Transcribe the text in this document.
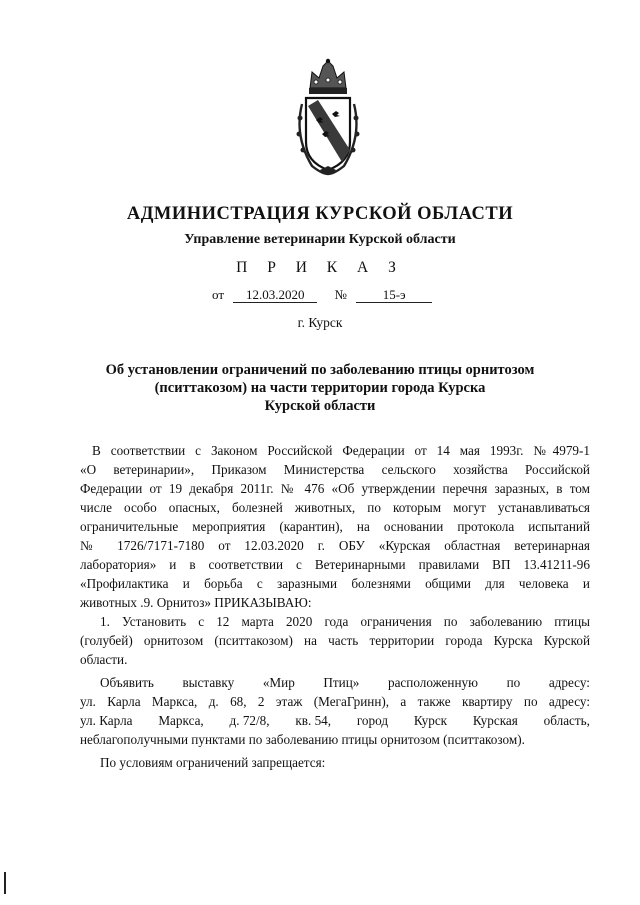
АДМИНИСТРАЦИЯ КУРСКОЙ ОБЛАСТИ
Управление ветеринарии Курской области
П Р И К А З
от 12.03.2020 №	15-э
г. Курск
Об установлении ограничений по заболеванию птицы орнитозом
(пситтакозом) на части территории города Курска
Курской области
В соответствии с Законом Российской Федерации от 14 мая 1993г. №4979-1
«О ветеринарии», Приказом Министерства сельского хозяйства Российской
Федерации от 19 декабря 2011г. № 476 «Об утверждении перечня заразных, в том
числе особо опасных, болезней животных, по которым могут устанавливаться
ограничительные мероприятия (карантин), на основании протокола испытаний
№ 1726/7171-7180 от 12.03.2020 г. ОБУ «Курская областная ветеринарная
лаборатория» и в соответствии с Ветеринарными правилами ВП 13.41211-96
«Профилактика и борьба с заразными болезнями общими для человека и
животных .9. Орнитоз» ПРИКАЗЫВАЮ:
1. Установить с 12 марта 2020 года ограничения по заболеванию птицы
(голубей) орнитозом (пситтакозом) на часть территории города Курска Курской
области.
Объявить выставку «Мир Птиц» расположенную по адресу:
ул. Карла Маркса, д. 68, 2 этаж (МегаГринн), а также квартиру по адресу:
ул. Карла Маркса, д. 72/8, кв. 54, город Курск Курская область,
неблагополучными пунктами по заболеванию птицы орнитозом (пситтакозом).
По условиям ограничений запрещается:
